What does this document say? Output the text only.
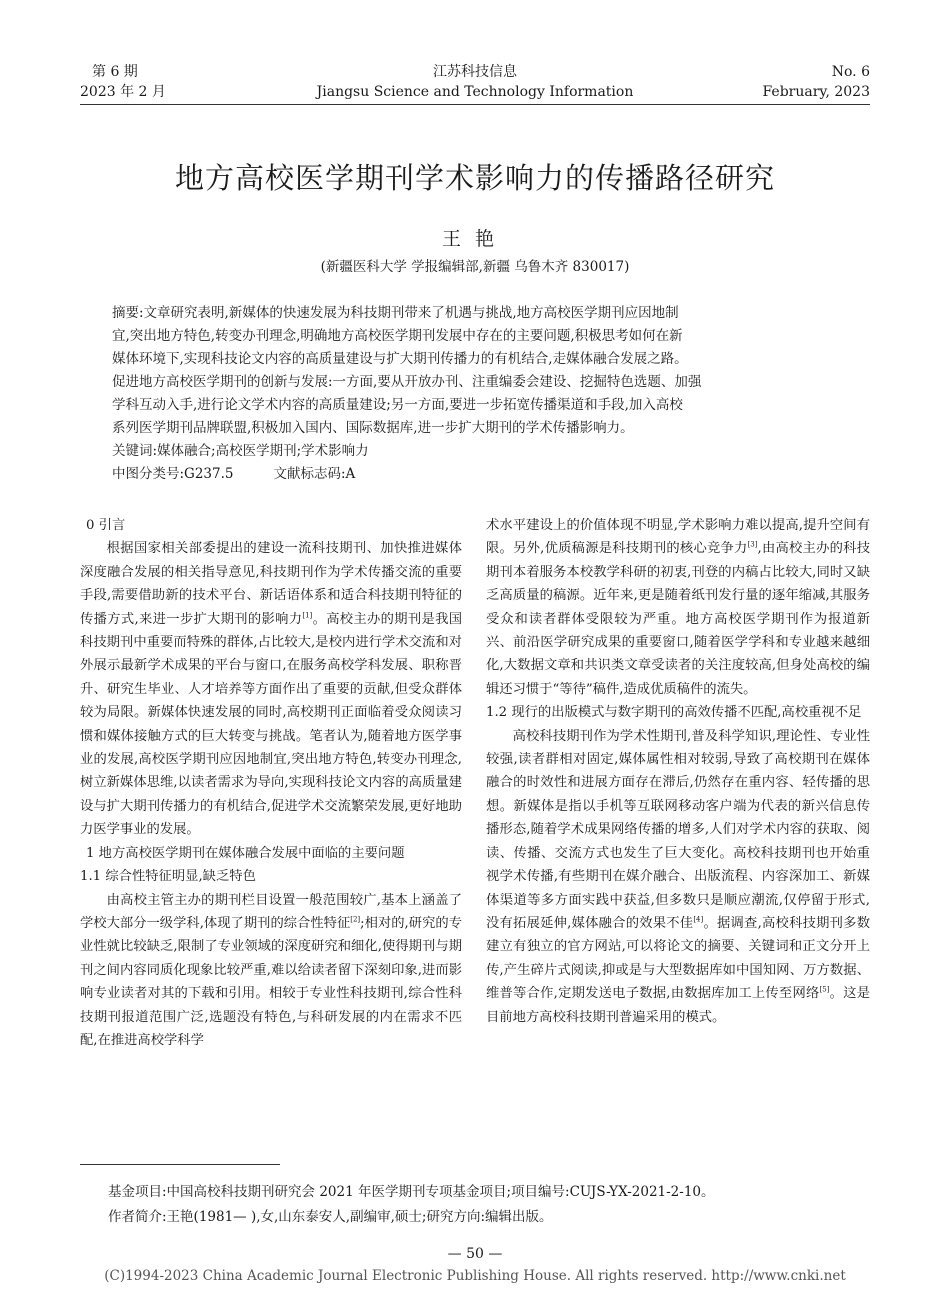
第 6 期
2023 年 2 月
江苏科技信息
Jiangsu Science and Technology Information
No. 6
February, 2023
地方高校医学期刊学术影响力的传播路径研究
王艳
(新疆医科大学 学报编辑部,新疆 乌鲁木齐 830017)
摘要:文章研究表明,新媒体的快速发展为科技期刊带来了机遇与挑战,地方高校医学期刊应因地制
宜,突出地方特色,转变办刊理念,明确地方高校医学期刊发展中存在的主要问题,积极思考如何在新
媒体环境下,实现科技论文内容的高质量建设与扩大期刊传播力的有机结合,走媒体融合发展之路。
促进地方高校医学期刊的创新与发展:一方面,要从开放办刊、注重编委会建设、挖掘特色选题、加强
学科互动入手,进行论文学术内容的高质量建设;另一方面,要进一步拓宽传播渠道和手段,加入高校
系列医学期刊品牌联盟,积极加入国内、国际数据库,进一步扩大期刊的学术传播影响力。
关键词:媒体融合;高校医学期刊;学术影响力
中图分类号:G237.5	文献标志码:A
0 引言

根据国家相关部委提出的建设一流科技期刊、加快推进媒体深度融合发展的相关指导意见,科技期刊作为学术传播交流的重要手段,需要借助新的技术平台、新话语体系和适合科技期刊特征的传播方式,来进一步扩大期刊的影响力[1]。高校主办的期刊是我国科技期刊中重要而特殊的群体,占比较大,是校内进行学术交流和对外展示最新学术成果的平台与窗口,在服务高校学科发展、职称晋升、研究生毕业、人才培养等方面作出了重要的贡献,但受众群体较为局限。新媒体快速发展的同时,高校期刊正面临着受众阅读习惯和媒体接触方式的巨大转变与挑战。笔者认为,随着地方医学事业的发展,高校医学期刊应因地制宜,突出地方特色,转变办刊理念,树立新媒体思维,以读者需求为导向,实现科技论文内容的高质量建设与扩大期刊传播力的有机结合,促进学术交流繁荣发展,更好地助力医学事业的发展。

1 地方高校医学期刊在媒体融合发展中面临的主要问题
1.1 综合性特征明显,缺乏特色

由高校主管主办的期刊栏目设置一般范围较广,基本上涵盖了学校大部分一级学科,体现了期刊的综合性特征[2];相对的,研究的专业性就比较缺乏,限制了专业领域的深度研究和细化,使得期刊与期刊之间内容同质化现象比较严重,难以给读者留下深刻印象,进而影响专业读者对其的下载和引用。相较于专业性科技期刊,综合性科技期刊报道范围广泛,选题没有特色,与科研发展的内在需求不匹配,在推进高校学科学

术水平建设上的价值体现不明显,学术影响力难以提高,提升空间有限。另外,优质稿源是科技期刊的核心竞争力[3],由高校主办的科技期刊本着服务本校教学科研的初衷,刊登的内稿占比较大,同时又缺乏高质量的稿源。近年来,更是随着纸刊发行量的逐年缩减,其服务受众和读者群体受限较为严重。地方高校医学期刊作为报道新兴、前沿医学研究成果的重要窗口,随着医学学科和专业越来越细化,大数据文章和共识类文章受读者的关注度较高,但身处高校的编辑还习惯于“等待”稿件,造成优质稿件的流失。

1.2 现行的出版模式与数字期刊的高效传播不匹配,高校重视不足

高校科技期刊作为学术性期刊,普及科学知识,理论性、专业性较强,读者群相对固定,媒体属性相对较弱,导致了高校期刊在媒体融合的时效性和进展方面存在滞后,仍然存在重内容、轻传播的思想。新媒体是指以手机等互联网移动客户端为代表的新兴信息传播形态,随着学术成果网络传播的增多,人们对学术内容的获取、阅读、传播、交流方式也发生了巨大变化。高校科技期刊也开始重视学术传播,有些期刊在媒介融合、出版流程、内容深加工、新媒体渠道等多方面实践中获益,但多数只是顺应潮流,仅停留于形式,没有拓展延伸,媒体融合的效果不佳[4]。据调查,高校科技期刊多数建立有独立的官方网站,可以将论文的摘要、关键词和正文分开上传,产生碎片式阅读,抑或是与大型数据库如中国知网、万方数据、维普等合作,定期发送电子数据,由数据库加工上传至网络[5]。这是目前地方高校科技期刊普遍采用的模式。

基金项目:中国高校科技期刊研究会 2021 年医学期刊专项基金项目;项目编号:CUJS-YX-2021-2-10。
作者简介:王艳(1981— ),女,山东泰安人,副编审,硕士;研究方向:编辑出版。
— 50 —
(C)1994-2023 China Academic Journal Electronic Publishing House. All rights reserved. http://www.cnki.net
